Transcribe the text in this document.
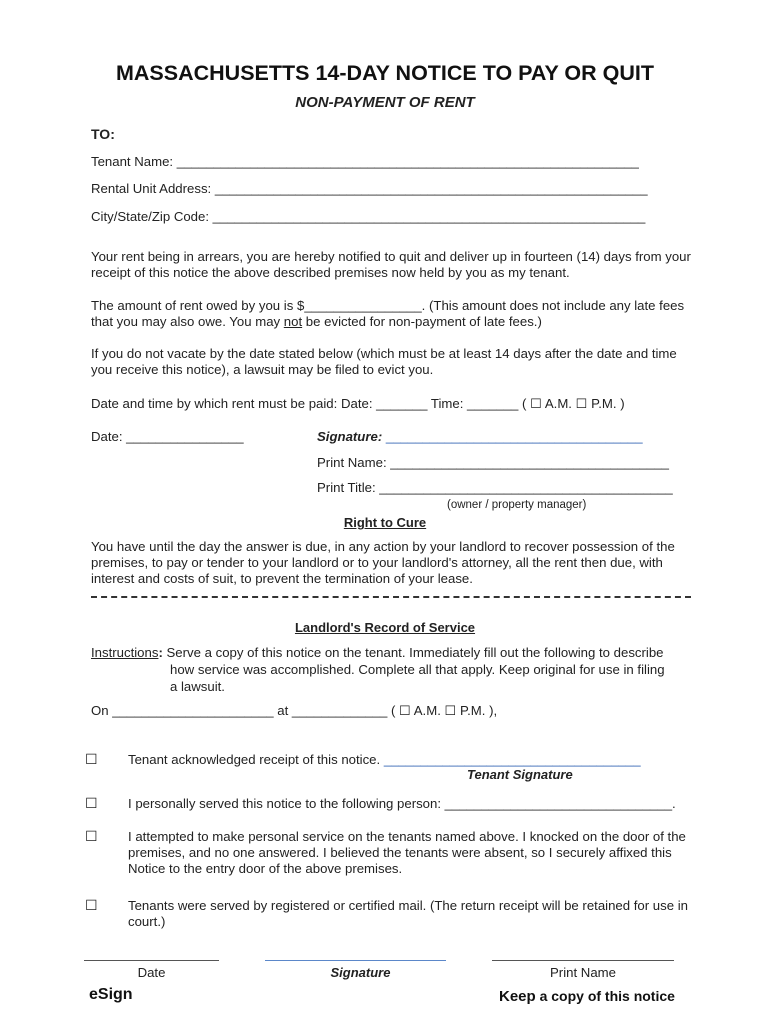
MASSACHUSETTS 14-DAY NOTICE TO PAY OR QUIT
NON-PAYMENT OF RENT
TO:
Tenant Name: _______________________________________________________________
Rental Unit Address: ___________________________________________________________
City/State/Zip Code: ___________________________________________________________
Your rent being in arrears, you are hereby notified to quit and deliver up in fourteen (14) days from your receipt of this notice the above described premises now held by you as my tenant.
The amount of rent owed by you is $________________. (This amount does not include any late fees that you may also owe. You may not be evicted for non-payment of late fees.)
If you do not vacate by the date stated below (which must be at least 14 days after the date and time you receive this notice), a lawsuit may be filed to evict you.
Date and time by which rent must be paid: Date: _______ Time: _______ ( ☐ A.M. ☐ P.M. )
Date: ________________	Signature: ___________________________________
Print Name: ______________________________________
Print Title: ________________________________________
(owner / property manager)
Right to Cure
You have until the day the answer is due, in any action by your landlord to recover possession of the premises, to pay or tender to your landlord or to your landlord's attorney, all the rent then due, with interest and costs of suit, to prevent the termination of your lease.
Landlord's Record of Service
Instructions: Serve a copy of this notice on the tenant. Immediately fill out the following to describe
how service was accomplished. Complete all that apply. Keep original for use in filing
a lawsuit.
On ______________________ at _____________ ( ☐ A.M. ☐ P.M. ),
☐ Tenant acknowledged receipt of this notice. ___________________________________
Tenant Signature
☐ I personally served this notice to the following person: _______________________________.
☐ I attempted to make personal service on the tenants named above. I knocked on the door of the premises, and no one answered. I believed the tenants were absent, so I securely affixed this Notice to the entry door of the above premises.
☐ Tenants were served by registered or certified mail. (The return receipt will be retained for use in court.)
Date	Signature	Print Name
eSign	Keep a copy of this notice
